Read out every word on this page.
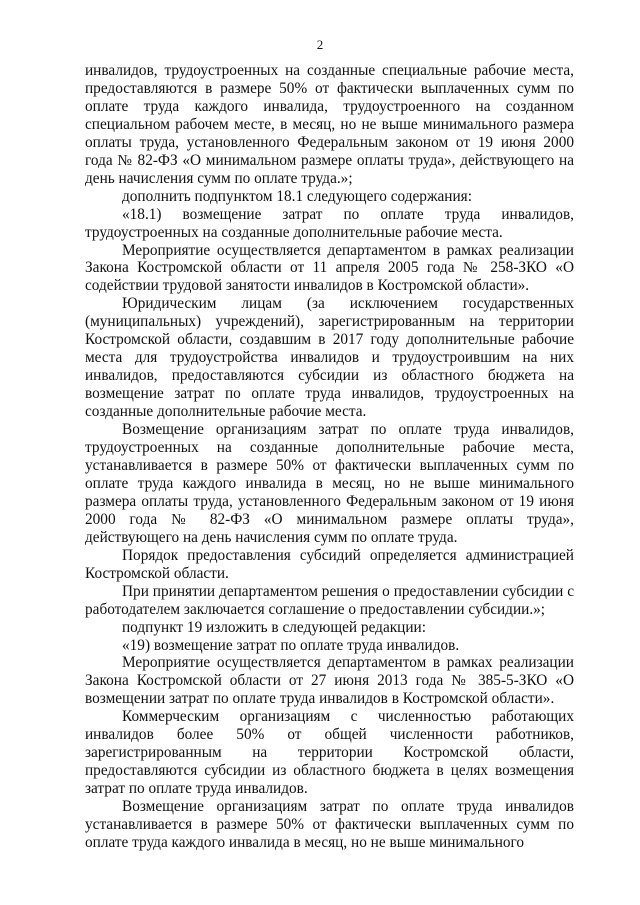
2

инвалидов, трудоустроенных на созданные специальные рабочие места, предоставляются в размере 50% от фактически выплаченных сумм по оплате труда каждого инвалида, трудоустроенного на созданном специальном рабочем месте, в месяц, но не выше минимального размера оплаты труда, установленного Федеральным законом от 19 июня 2000 года № 82-ФЗ «О минимальном размере оплаты труда», действующего на день начисления сумм по оплате труда.»;

дополнить подпунктом 18.1 следующего содержания:

«18.1) возмещение затрат по оплате труда инвалидов, трудоустроенных на созданные дополнительные рабочие места.

Мероприятие осуществляется департаментом в рамках реализации Закона Костромской области от 11 апреля 2005 года № 258-ЗКО «О содействии трудовой занятости инвалидов в Костромской области».

Юридическим лицам (за исключением государственных (муниципальных) учреждений), зарегистрированным на территории Костромской области, создавшим в 2017 году дополнительные рабочие места для трудоустройства инвалидов и трудоустроившим на них инвалидов, предоставляются субсидии из областного бюджета на возмещение затрат по оплате труда инвалидов, трудоустроенных на созданные дополнительные рабочие места.

Возмещение организациям затрат по оплате труда инвалидов, трудоустроенных на созданные дополнительные рабочие места, устанавливается в размере 50% от фактически выплаченных сумм по оплате труда каждого инвалида в месяц, но не выше минимального размера оплаты труда, установленного Федеральным законом от 19 июня 2000 года № 82-ФЗ «О минимальном размере оплаты труда», действующего на день начисления сумм по оплате труда.

Порядок предоставления субсидий определяется администрацией Костромской области.

При принятии департаментом решения о предоставлении субсидии с работодателем заключается соглашение о предоставлении субсидии.»;

подпункт 19 изложить в следующей редакции:

«19) возмещение затрат по оплате труда инвалидов.

Мероприятие осуществляется департаментом в рамках реализации Закона Костромской области от 27 июня 2013 года № 385-5-ЗКО «О возмещении затрат по оплате труда инвалидов в Костромской области».

Коммерческим организациям с численностью работающих инвалидов более 50% от общей численности работников, зарегистрированным на территории Костромской области, предоставляются субсидии из областного бюджета в целях возмещения затрат по оплате труда инвалидов.

Возмещение организациям затрат по оплате труда инвалидов устанавливается в размере 50% от фактически выплаченных сумм по оплате труда каждого инвалида в месяц, но не выше минимального
